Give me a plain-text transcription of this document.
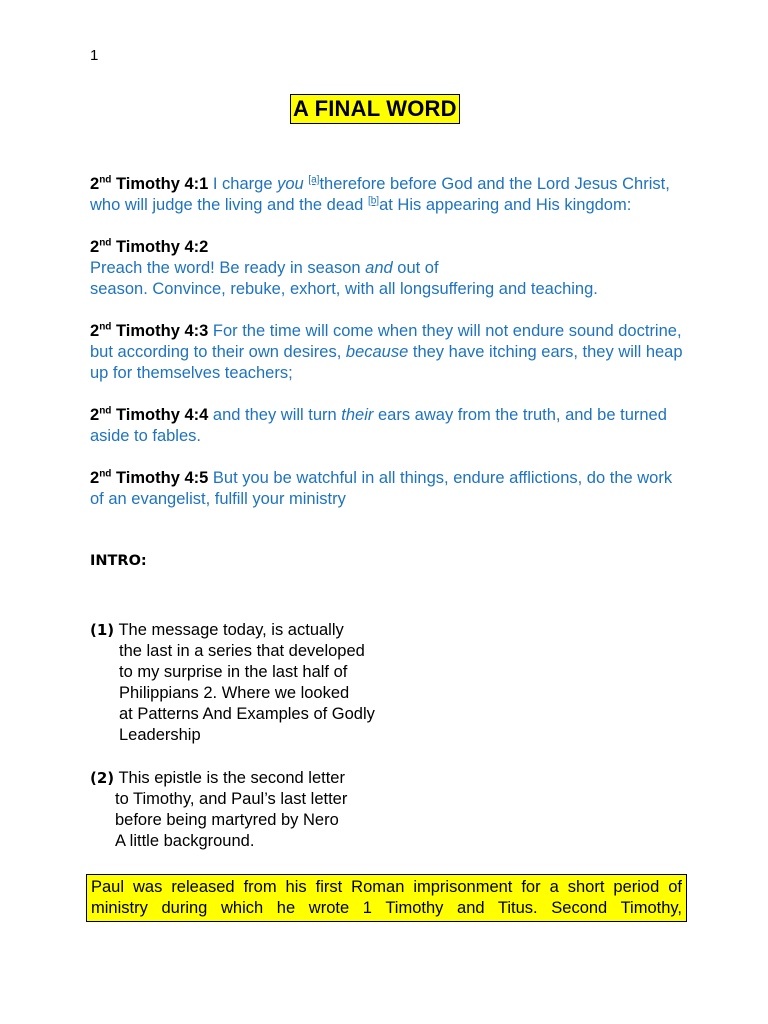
1
A FINAL WORD

2nd Timothy 4:1 I charge you [a]therefore before God and the Lord Jesus Christ, who will judge the living and the dead [b]at His appearing and His kingdom:

2nd Timothy 4:2
Preach the word! Be ready in season and out of
season. Convince, rebuke, exhort, with all longsuffering and teaching.

2nd Timothy 4:3 For the time will come when they will not endure sound doctrine, but according to their own desires, because they have itching ears, they will heap up for themselves teachers;

2nd Timothy 4:4 and they will turn their ears away from the truth, and be turned aside to fables.

2nd Timothy 4:5 But you be watchful in all things, endure afflictions, do the work of an evangelist, fulfill your ministry

INTRO:
(1) The message today, is actually
the last in a series that developed
to my surprise in the last half of
Philippians 2. Where we looked
at Patterns And Examples of Godly
Leadership
(2) This epistle is the second letter
to Timothy, and Paul’s last letter
before being martyred by Nero
A little background.
Paul was released from his first Roman imprisonment for a short period of
ministry during which he wrote 1 Timothy and Titus. Second Timothy,
